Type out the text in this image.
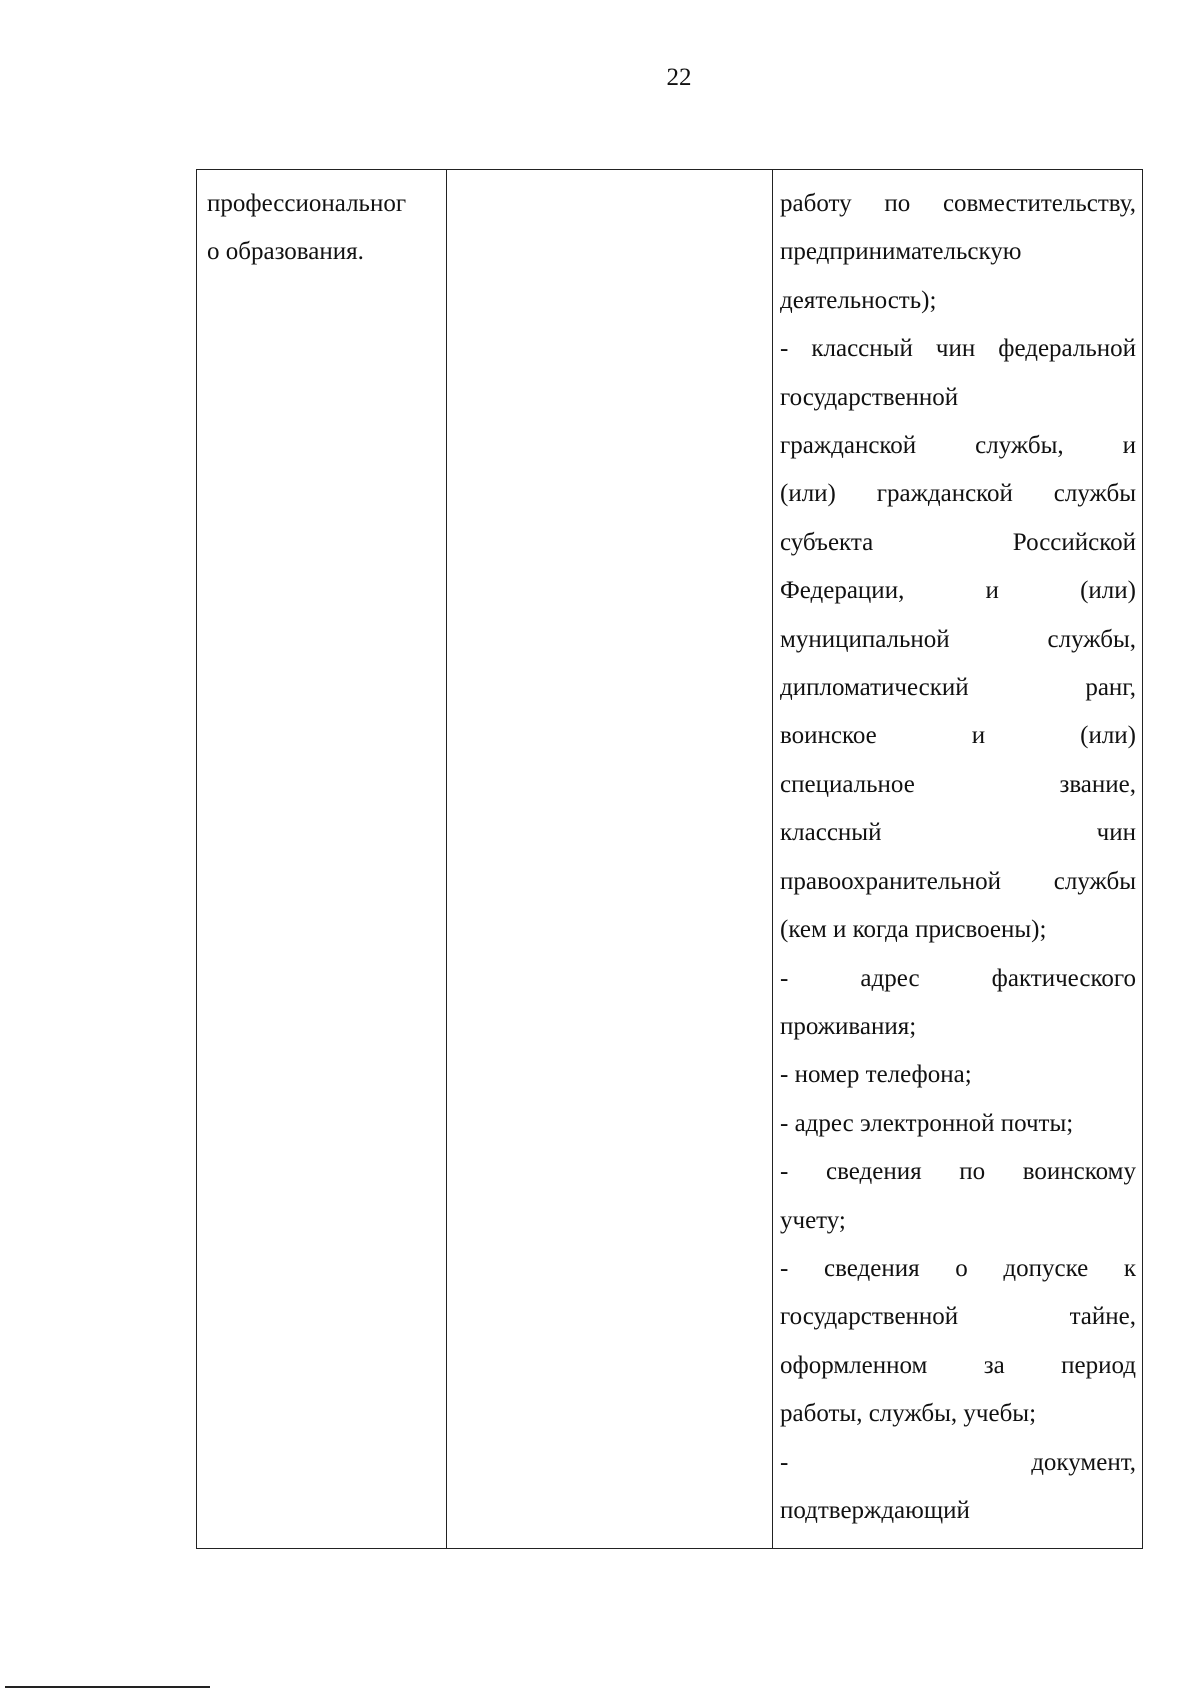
22
профессиональног
о образования.
работу по совместительству,
предпринимательскую
деятельность);
- классный чин федеральной
государственной
гражданской службы, и
(или) гражданской службы
субъекта Российской
Федерации, и (или)
муниципальной службы,
дипломатический ранг,
воинское и (или)
специальное звание,
классный чин
правоохранительной службы
(кем и когда присвоены);
- адрес фактического
проживания;
- номер телефона;
- адрес электронной почты;
- сведения по воинскому
учету;
- сведения о допуске к
государственной тайне,
оформленном за период
работы, службы, учебы;
- документ,
подтверждающий
